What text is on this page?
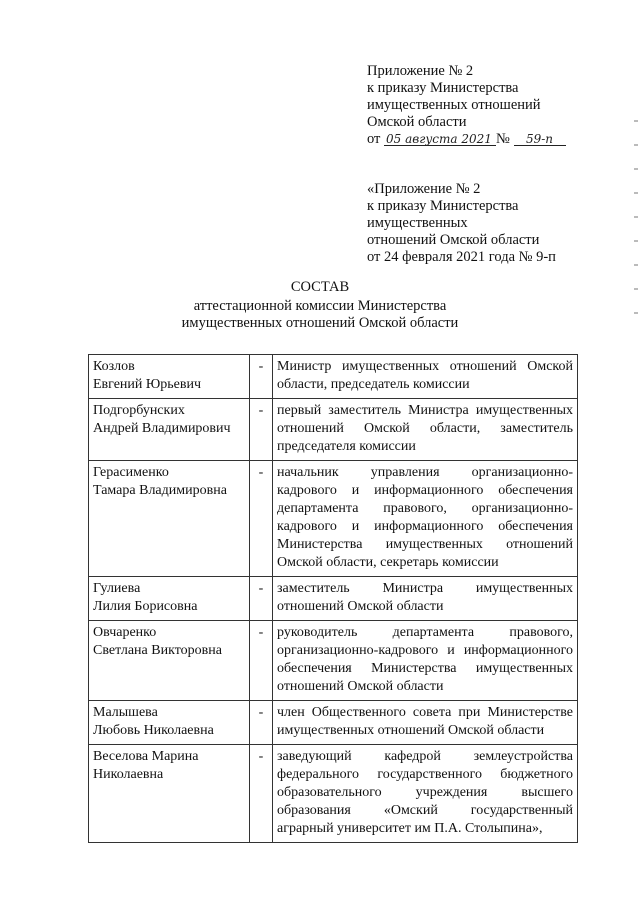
Приложение № 2
к приказу Министерства
имущественных отношений
Омской области
от 05 августа 2021 № 59-п
«Приложение № 2
к приказу Министерства
имущественных
отношений Омской области
от 24 февраля 2021 года № 9-п
СОСТАВ
аттестационной комиссии Министерства
имущественных отношений Омской области
Козлов
Евгений Юрьевич	-	Министр имущественных отношений Омской области, председатель комиссии

Подгорбунских
Андрей Владимирович	-	первый заместитель Министра имущественных отношений Омской области, заместитель председателя комиссии

Герасименко
Тамара Владимировна	-	начальник управления организационно-кадрового и информационного обеспечения департамента правового, организационно-кадрового и информационного обеспечения Министерства имущественных отношений Омской области, секретарь комиссии

Гулиева
Лилия Борисовна	-	заместитель Министра имущественных отношений Омской области

Овчаренко
Светлана Викторовна	-	руководитель департамента правового, организационно-кадрового и информационного обеспечения Министерства имущественных отношений Омской области

Малышева
Любовь Николаевна	-	член Общественного совета при Министерстве имущественных отношений Омской области

Веселова Марина
Николаевна	-	заведующий кафедрой землеустройства федерального государственного бюджетного образовательного учреждения высшего образования «Омский государственный аграрный университет им П.А. Столыпина»,
